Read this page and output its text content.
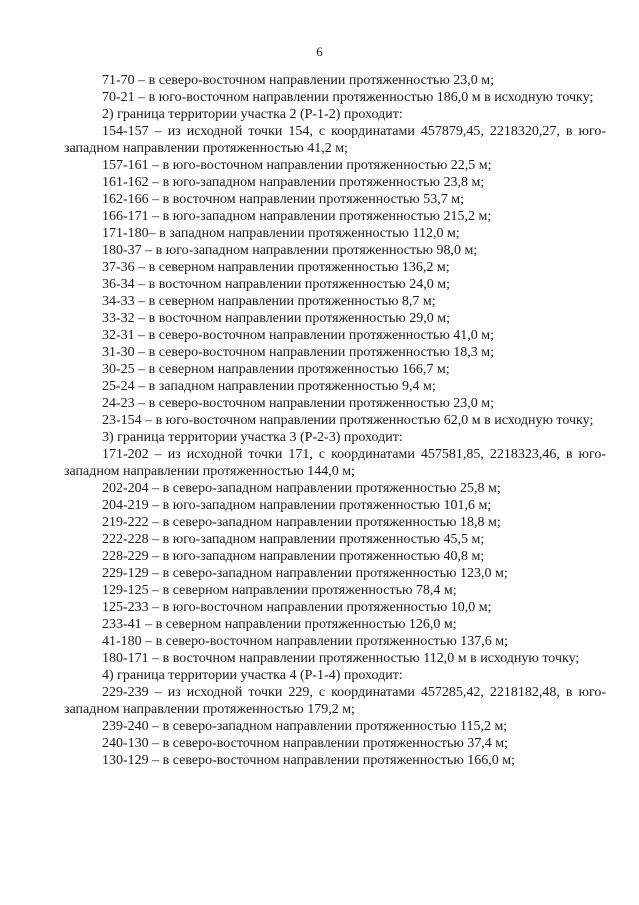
6

71-70 – в северо-восточном направлении протяженностью 23,0 м;

70-21 – в юго-восточном направлении протяженностью 186,0 м в исходную точку;

2) граница территории участка 2 (Р-1-2) проходит:

154-157 – из исходной точки 154, с координатами 457879,45, 2218320,27, в юго-западном направлении протяженностью 41,2 м;

157-161 – в юго-восточном направлении протяженностью 22,5 м;

161-162 – в юго-западном направлении протяженностью 23,8 м;

162-166 – в восточном направлении протяженностью 53,7 м;

166-171 – в юго-западном направлении протяженностью 215,2 м;

171-180– в западном направлении протяженностью 112,0 м;

180-37 – в юго-западном направлении протяженностью 98,0 м;

37-36 – в северном направлении протяженностью 136,2 м;

36-34 – в восточном направлении протяженностью 24,0 м;

34-33 – в северном направлении протяженностью 8,7 м;

33-32 – в восточном направлении протяженностью 29,0 м;

32-31 – в северо-восточном направлении протяженностью 41,0 м;

31-30 – в северо-восточном направлении протяженностью 18,3 м;

30-25 – в северном направлении протяженностью 166,7 м;

25-24 – в западном направлении протяженностью 9,4 м;

24-23 – в северо-восточном направлении протяженностью 23,0 м;

23-154 – в юго-восточном направлении протяженностью 62,0 м в исходную точку;

3) граница территории участка 3 (Р-2-3) проходит:

171-202 – из исходной точки 171, с координатами 457581,85, 2218323,46, в юго-западном направлении протяженностью 144,0 м;

202-204 – в северо-западном направлении протяженностью 25,8 м;

204-219 – в юго-западном направлении протяженностью 101,6 м;

219-222 – в северо-западном направлении протяженностью 18,8 м;

222-228 – в юго-западном направлении протяженностью 45,5 м;

228-229 – в юго-западном направлении протяженностью 40,8 м;

229-129 – в северо-западном направлении протяженностью 123,0 м;

129-125 – в северном направлении протяженностью 78,4 м;

125-233 – в юго-восточном направлении протяженностью 10,0 м;

233-41 – в северном направлении протяженностью 126,0 м;

41-180 – в северо-восточном направлении протяженностью 137,6 м;

180-171 – в восточном направлении протяженностью 112,0 м в исходную точку;

4) граница территории участка 4 (Р-1-4) проходит:

229-239 – из исходной точки 229, с координатами 457285,42, 2218182,48, в юго-западном направлении протяженностью 179,2 м;

239-240 – в северо-западном направлении протяженностью 115,2 м;

240-130 – в северо-восточном направлении протяженностью 37,4 м;

130-129 – в северо-восточном направлении протяженностью 166,0 м;
